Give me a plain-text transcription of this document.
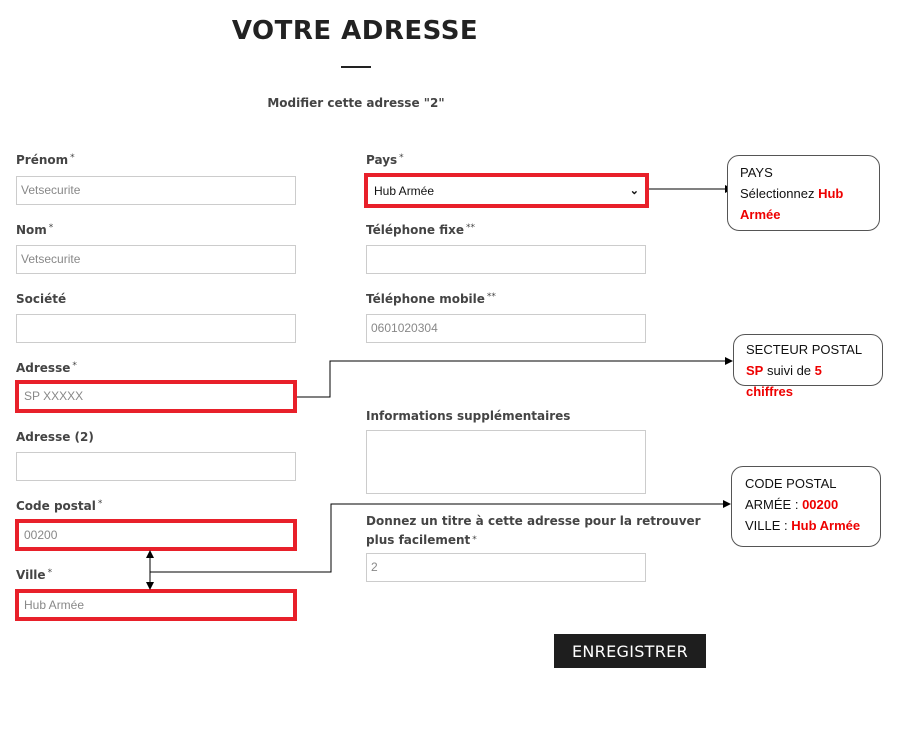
VOTRE ADRESSE
Modifier cette adresse "2"
Prénom *
Vetsecurite
Nom *
Vetsecurite
Société
Adresse *
SP XXXXX
Adresse (2)
Code postal *
00200
Ville *
Hub Armée
Pays *
Hub Armée	⌄
Téléphone fixe **
Téléphone mobile **
0601020304
Informations supplémentaires
Donnez un titre à cette adresse pour la retrouver plus facilement *
2
ENREGISTRER
PAYS
Sélectionnez Hub Armée
SECTEUR POSTAL
SP suivi de 5 chiffres
CODE POSTAL
ARMÉE : 00200
VILLE : Hub Armée
